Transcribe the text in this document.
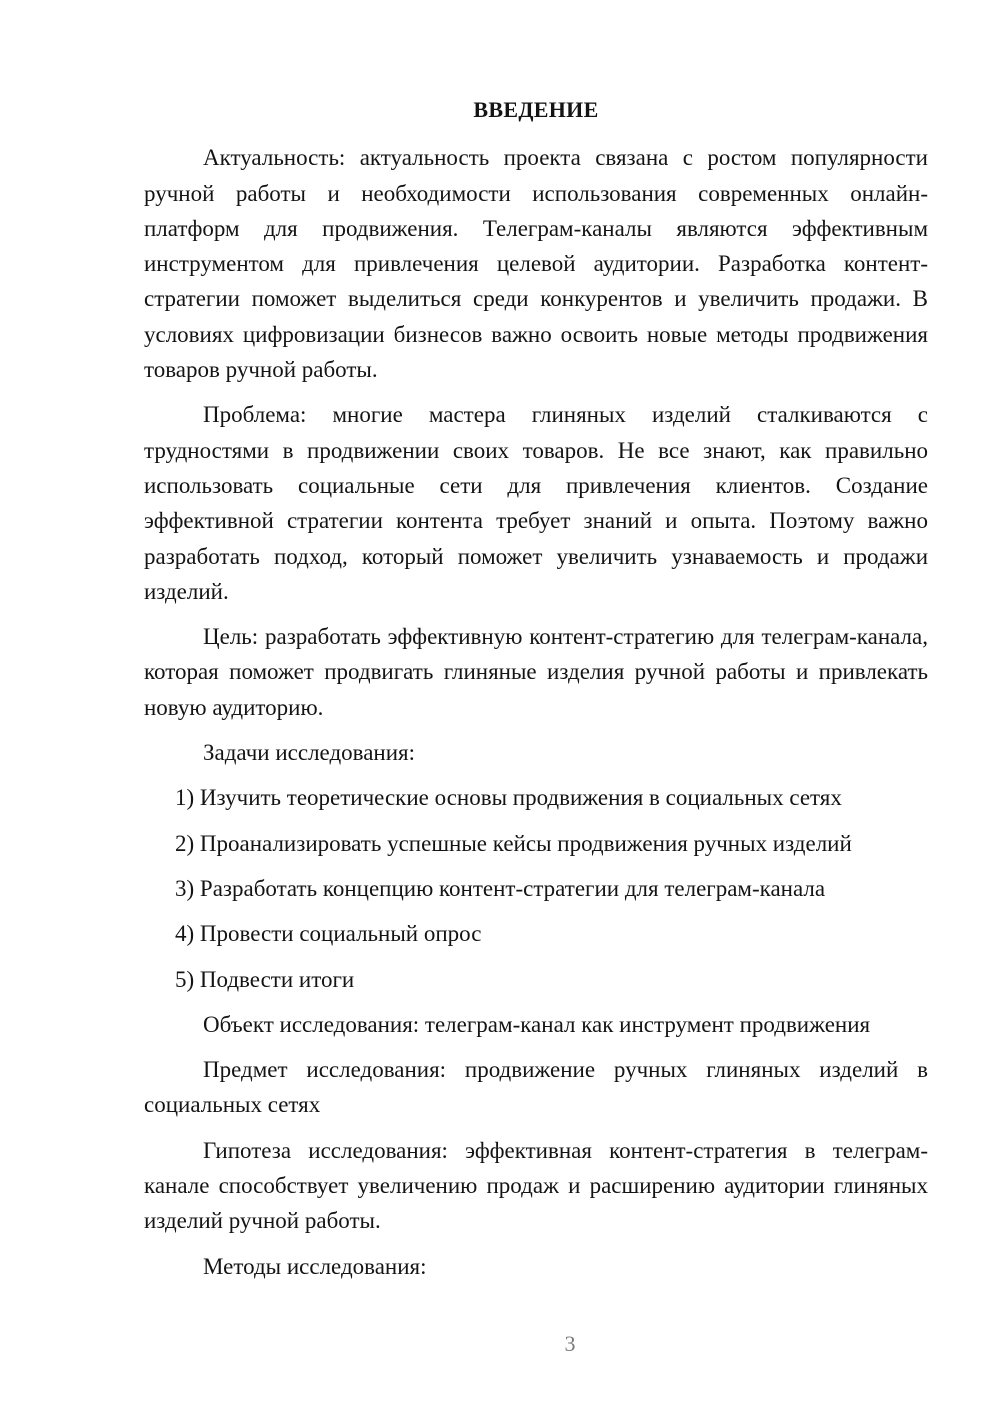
ВВЕДЕНИЕ

Актуальность: актуальность проекта связана с ростом популярности ручной работы и необходимости использования современных онлайн-платформ для продвижения. Телеграм-каналы являются эффективным инструментом для привлечения целевой аудитории. Разработка контент-стратегии поможет выделиться среди конкурентов и увеличить продажи. В условиях цифровизации бизнесов важно освоить новые методы продвижения товаров ручной работы.

Проблема: многие мастера глиняных изделий сталкиваются с трудностями в продвижении своих товаров. Не все знают, как правильно использовать социальные сети для привлечения клиентов. Создание эффективной стратегии контента требует знаний и опыта. Поэтому важно разработать подход, который поможет увеличить узнаваемость и продажи изделий.

Цель: разработать эффективную контент-стратегию для телеграм-канала, которая поможет продвигать глиняные изделия ручной работы и привлекать новую аудиторию.

Задачи исследования:

1) Изучить теоретические основы продвижения в социальных сетях
2) Проанализировать успешные кейсы продвижения ручных изделий
3) Разработать концепцию контент-стратегии для телеграм-канала
4) Провести социальный опрос
5) Подвести итоги

Объект исследования: телеграм-канал как инструмент продвижения

Предмет исследования: продвижение ручных глиняных изделий в социальных сетях

Гипотеза исследования: эффективная контент-стратегия в телеграм-канале способствует увеличению продаж и расширению аудитории глиняных изделий ручной работы.

Методы исследования:

3
